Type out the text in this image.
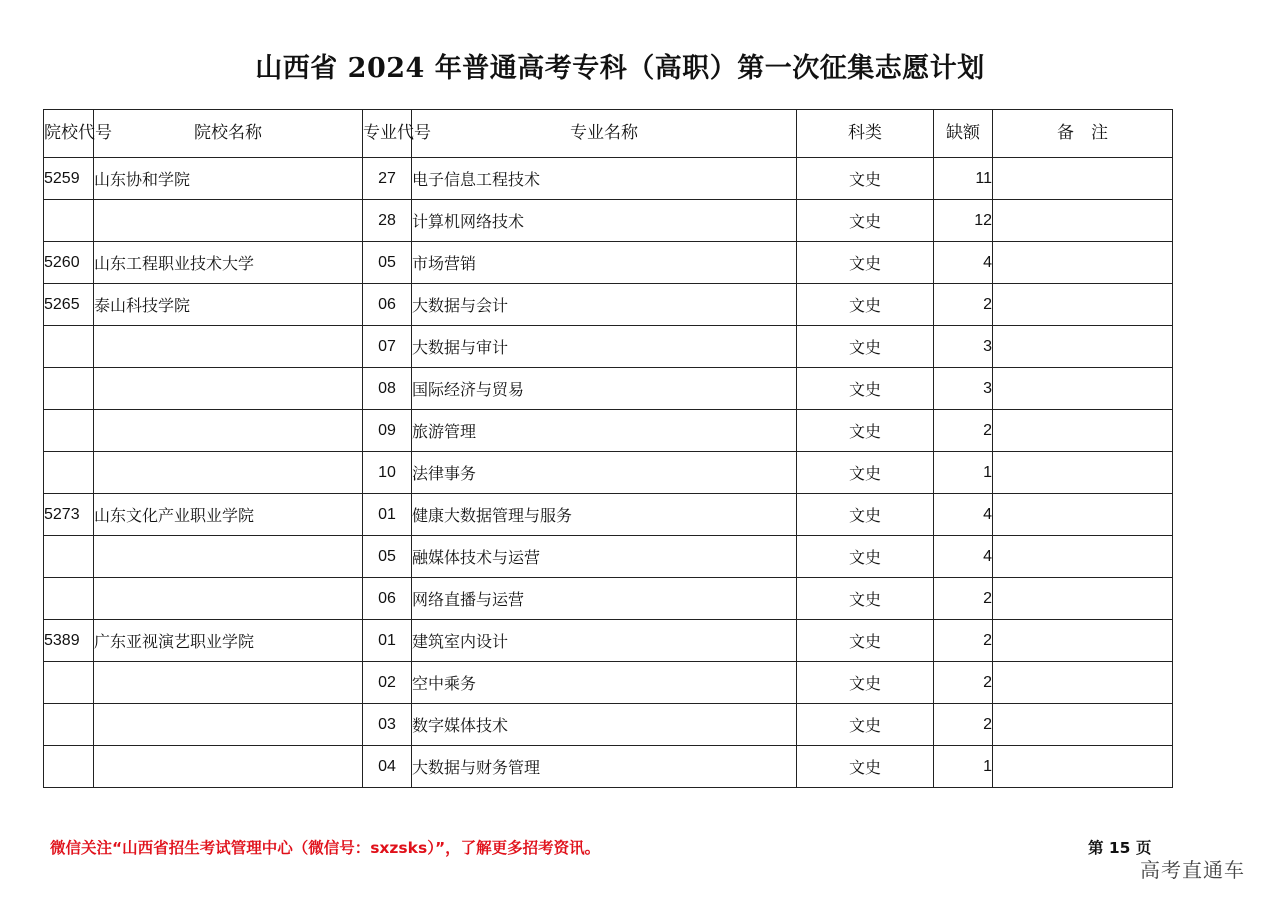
山西省 2024 年普通高考专科（高职）第一次征集志愿计划
院校代号	院校名称	专业代号	专业名称	科类	缺额	备　注
5259	山东协和学院	27	电子信息工程技术	文史	11	
		28	计算机网络技术	文史	12	
5260	山东工程职业技术大学	05	市场营销	文史	4	
5265	泰山科技学院	06	大数据与会计	文史	2	
		07	大数据与审计	文史	3	
		08	国际经济与贸易	文史	3	
		09	旅游管理	文史	2	
		10	法律事务	文史	1	
5273	山东文化产业职业学院	01	健康大数据管理与服务	文史	4	
		05	融媒体技术与运营	文史	4	
		06	网络直播与运营	文史	2	
5389	广东亚视演艺职业学院	01	建筑室内设计	文史	2	
		02	空中乘务	文史	2	
		03	数字媒体技术	文史	2	
		04	大数据与财务管理	文史	1	
微信关注“山西省招生考试管理中心（微信号：sxzsks）”，了解更多招考资讯。	第 15 页
高考直通车
